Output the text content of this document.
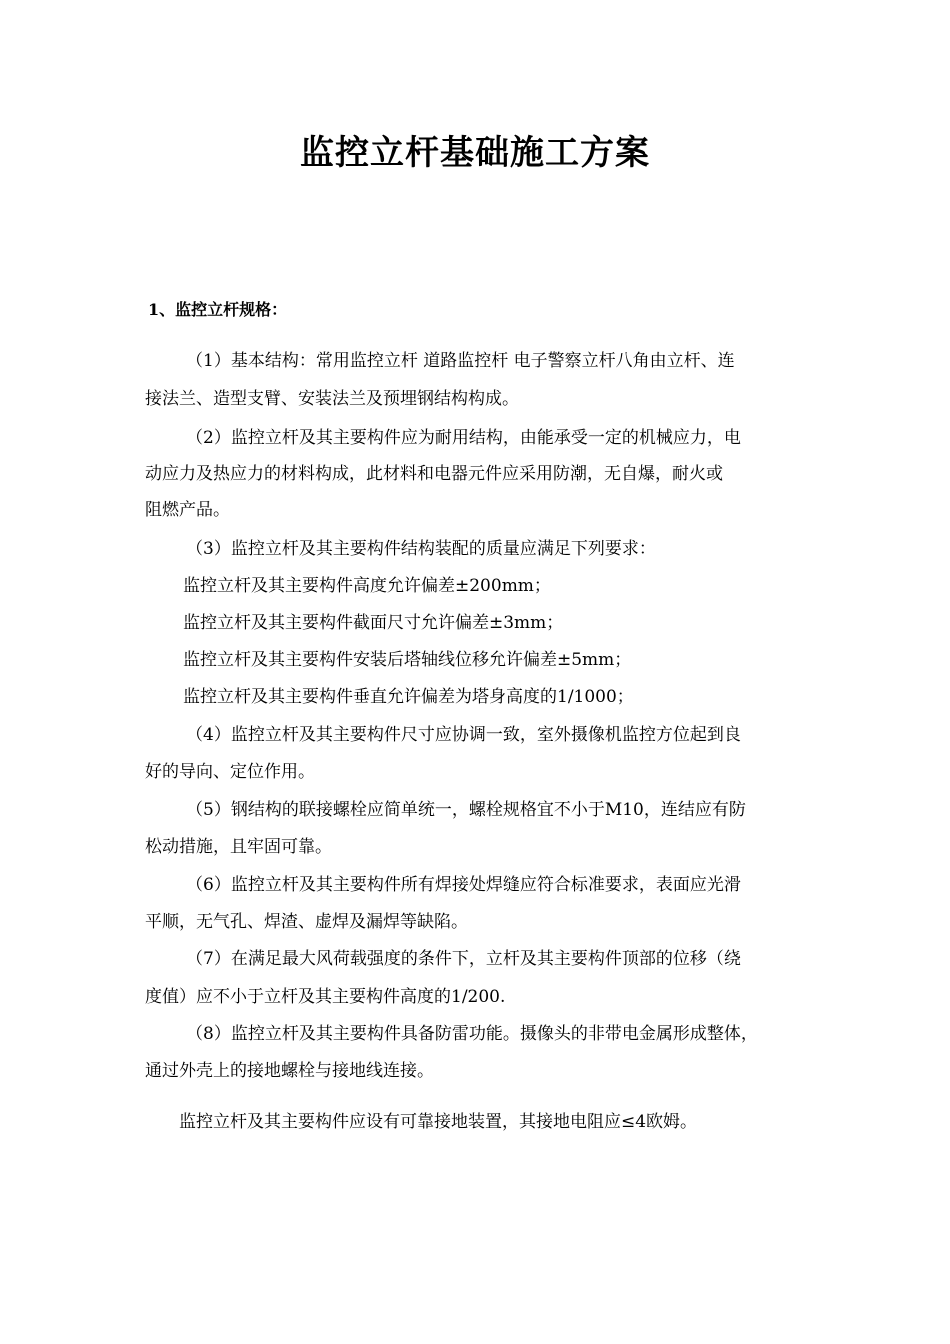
监控立杆基础施工方案
1、监控立杆规格：
（1）基本结构：常用监控立杆 道路监控杆 电子警察立杆八角由立杆、连
接法兰、造型支臂、安装法兰及预埋钢结构构成。
（2）监控立杆及其主要构件应为耐用结构，由能承受一定的机械应力，电
动应力及热应力的材料构成，此材料和电器元件应采用防潮，无自爆，耐火或
阻燃产品。
（3）监控立杆及其主要构件结构装配的质量应满足下列要求：
监控立杆及其主要构件高度允许偏差±200mm；
监控立杆及其主要构件截面尺寸允许偏差±3mm；
监控立杆及其主要构件安装后塔轴线位移允许偏差±5mm；
监控立杆及其主要构件垂直允许偏差为塔身高度的1/1000；
（4）监控立杆及其主要构件尺寸应协调一致，室外摄像机监控方位起到良
好的导向、定位作用。
（5）钢结构的联接螺栓应简单统一，螺栓规格宜不小于M10，连结应有防
松动措施，且牢固可靠。
（6）监控立杆及其主要构件所有焊接处焊缝应符合标准要求，表面应光滑
平顺，无气孔、焊渣、虚焊及漏焊等缺陷。
（7）在满足最大风荷载强度的条件下，立杆及其主要构件顶部的位移（绕
度值）应不小于立杆及其主要构件高度的1/200.
（8）监控立杆及其主要构件具备防雷功能。摄像头的非带电金属形成整体，
通过外壳上的接地螺栓与接地线连接。
监控立杆及其主要构件应设有可靠接地装置，其接地电阻应≤4欧姆。
